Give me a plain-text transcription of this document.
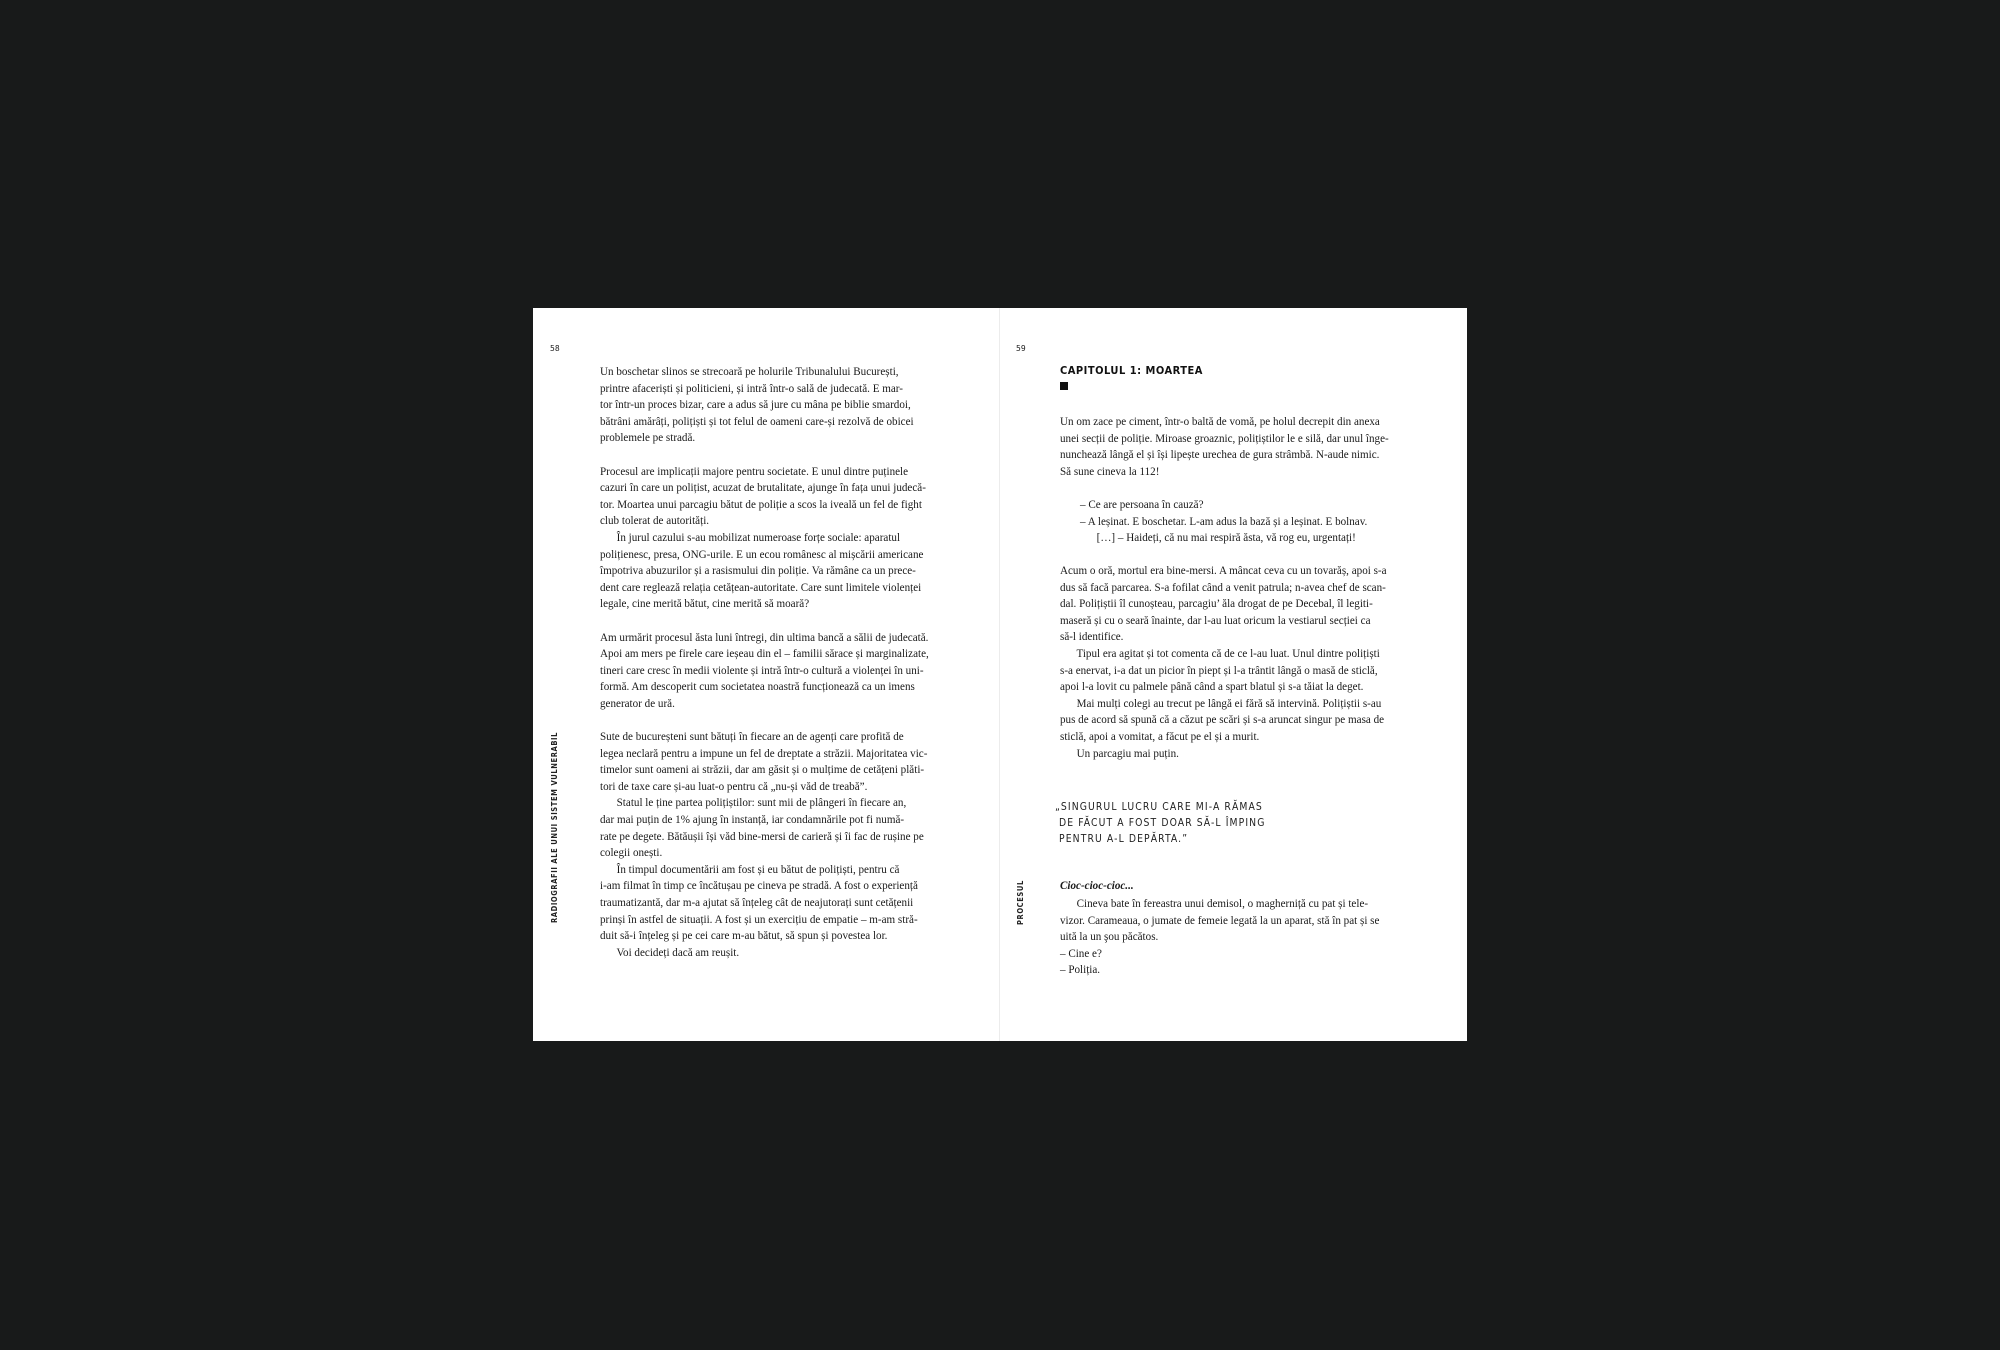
58
RADIOGRAFII ALE UNUI SISTEM VULNERABIL
Un boschetar slinos se strecoară pe holurile Tribunalului București,
printre afaceriști și politicieni, și intră într-o sală de judecată. E mar-
tor într-un proces bizar, care a adus să jure cu mâna pe biblie smardoi,
bătrâni amărâți, polițiști și tot felul de oameni care-și rezolvă de obicei
problemele pe stradă.

Procesul are implicații majore pentru societate. E unul dintre puținele
cazuri în care un polițist, acuzat de brutalitate, ajunge în fața unui judecă-
tor. Moartea unui parcagiu bătut de poliție a scos la iveală un fel de fight
club tolerat de autorități.
În jurul cazului s-au mobilizat numeroase forțe sociale: aparatul
polițienesc, presa, ONG-urile. E un ecou românesc al mișcării americane
împotriva abuzurilor și a rasismului din poliție. Va rămâne ca un prece-
dent care reglează relația cetățean-autoritate. Care sunt limitele violenței
legale, cine merită bătut, cine merită să moară?

Am urmărit procesul ăsta luni întregi, din ultima bancă a sălii de judecată.
Apoi am mers pe firele care ieșeau din el – familii sărace și marginalizate,
tineri care cresc în medii violente și intră într-o cultură a violenței în uni-
formă. Am descoperit cum societatea noastră funcționează ca un imens
generator de ură.

Sute de bucureșteni sunt bătuți în fiecare an de agenți care profită de
legea neclară pentru a impune un fel de dreptate a străzii. Majoritatea vic-
timelor sunt oameni ai străzii, dar am găsit și o mulțime de cetățeni plăti-
tori de taxe care și-au luat-o pentru că „nu-și văd de treabă”.
Statul le ține partea polițiștilor: sunt mii de plângeri în fiecare an,
dar mai puțin de 1% ajung în instanță, iar condamnările pot fi numă-
rate pe degete. Bătăușii își văd bine-mersi de carieră și îi fac de rușine pe
colegii onești.
În timpul documentării am fost și eu bătut de polițiști, pentru că
i-am filmat în timp ce încătușau pe cineva pe stradă. A fost o experiență
traumatizantă, dar m-a ajutat să înțeleg cât de neajutorați sunt cetățenii
prinși în astfel de situații. A fost și un exercițiu de empatie – m-am stră-
duit să-i înțeleg și pe cei care m-au bătut, să spun și povestea lor.
Voi decideți dacă am reușit.
59
PROCESUL
CAPITOLUL 1: MOARTEA
Un om zace pe ciment, într-o baltă de vomă, pe holul decrepit din anexa
unei secții de poliție. Miroase groaznic, polițiștilor le e silă, dar unul înge-
nunchează lângă el și își lipește urechea de gura strâmbă. N-aude nimic.
Să sune cineva la 112!
– Ce are persoana în cauză?
– A leșinat. E boschetar. L-am adus la bază și a leșinat. E bolnav.
[…] – Haideți, că nu mai respiră ăsta, vă rog eu, urgentați!
Acum o oră, mortul era bine-mersi. A mâncat ceva cu un tovarăș, apoi s-a
dus să facă parcarea. S-a fofilat când a venit patrula; n-avea chef de scan-
dal. Polițiștii îl cunoșteau, parcagiu’ ăla drogat de pe Decebal, îl legiti-
maseră și cu o seară înainte, dar l-au luat oricum la vestiarul secției ca
să-l identifice.
Tipul era agitat și tot comenta că de ce l-au luat. Unul dintre polițiști
s-a enervat, i-a dat un picior în piept și l-a trântit lângă o masă de sticlă,
apoi l-a lovit cu palmele până când a spart blatul și s-a tăiat la deget.
Mai mulți colegi au trecut pe lângă ei fără să intervină. Polițiștii s-au
pus de acord să spună că a căzut pe scări și s-a aruncat singur pe masa de
sticlă, apoi a vomitat, a făcut pe el și a murit.
Un parcagiu mai puțin.
„SINGURUL LUCRU CARE MI-A RĂMAS
DE FĂCUT A FOST DOAR SĂ-L ÎMPING
PENTRU A-L DEPĂRTA.”
Cioc-cioc-cioc...
Cineva bate în fereastra unui demisol, o magherniță cu pat și tele-
vizor. Carameaua, o jumate de femeie legată la un aparat, stă în pat și se
uită la un şou păcătos.
– Cine e?
– Poliția.
